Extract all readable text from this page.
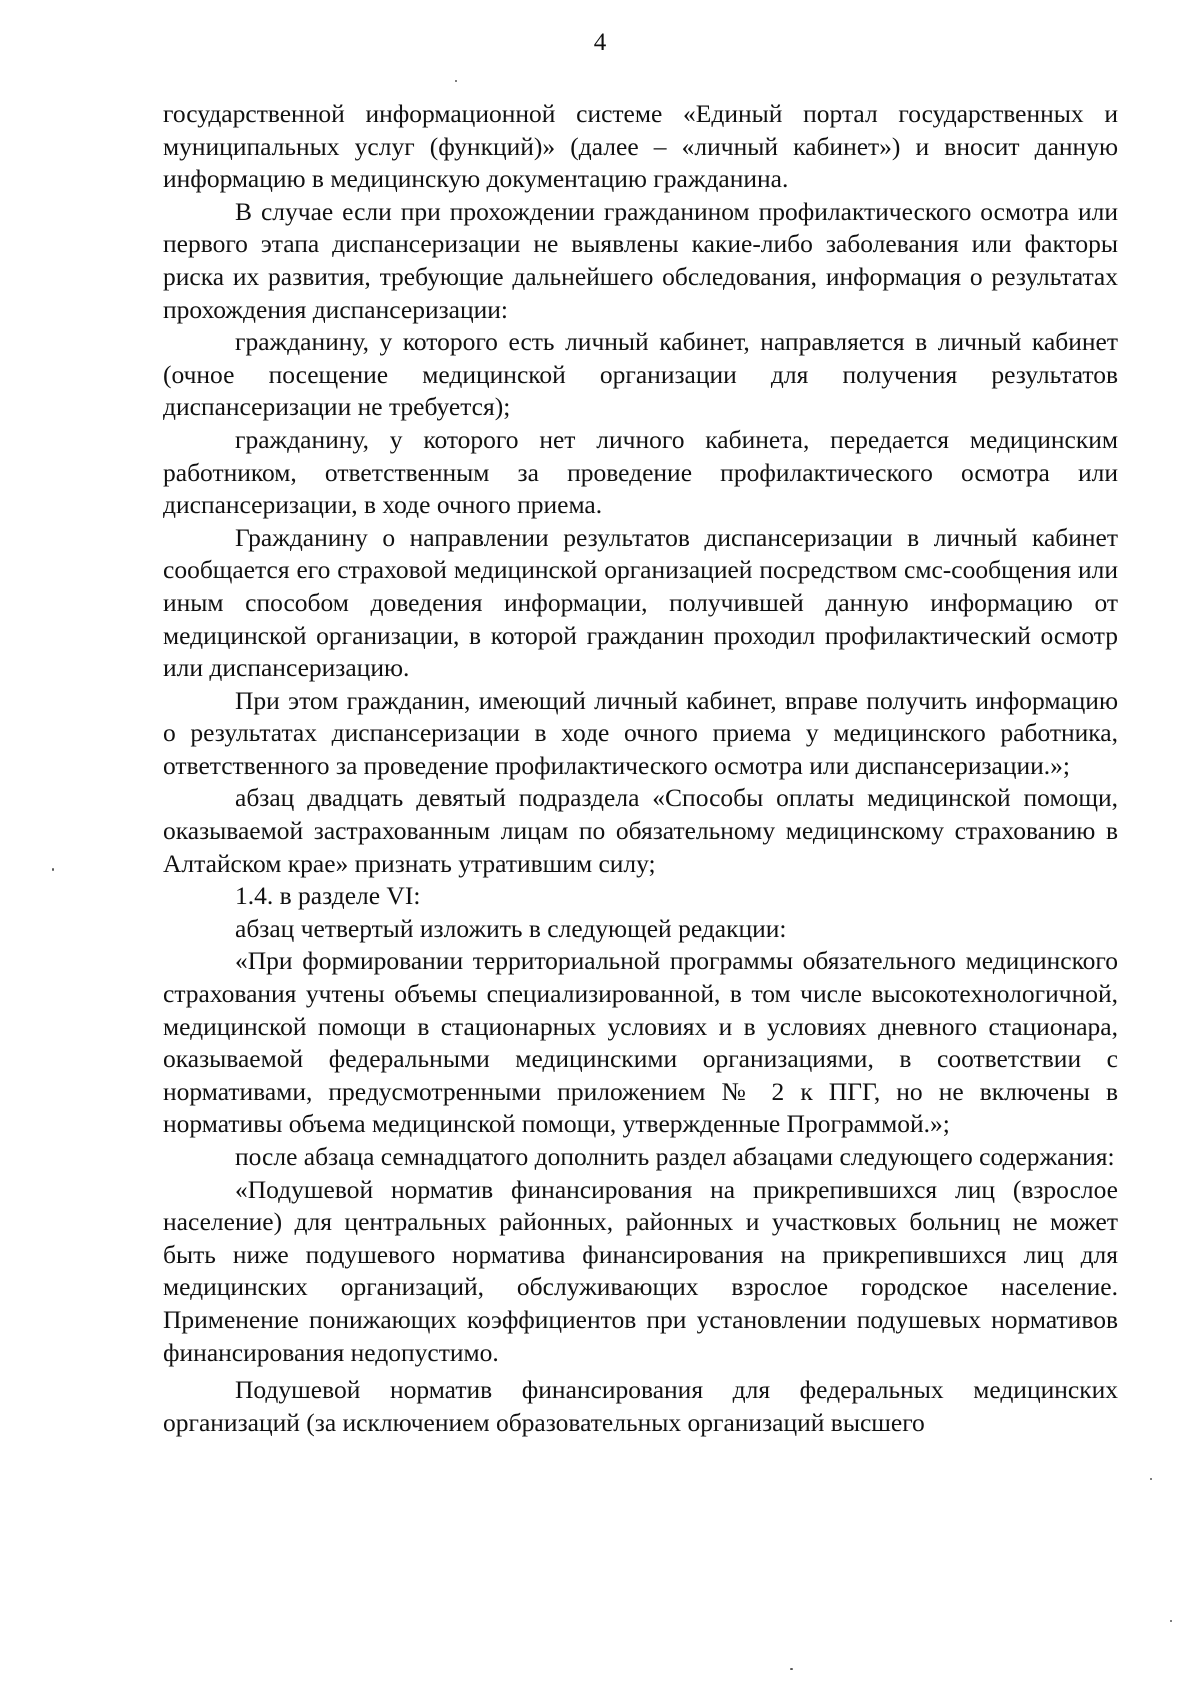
4

государственной информационной системе «Единый портал государственных и муниципальных услуг (функций)» (далее – «личный кабинет») и вносит данную информацию в медицинскую документацию гражданина.

В случае если при прохождении гражданином профилактического осмотра или первого этапа диспансеризации не выявлены какие-либо заболевания или факторы риска их развития, требующие дальнейшего обследования, информация о результатах прохождения диспансеризации:

гражданину, у которого есть личный кабинет, направляется в личный кабинет (очное посещение медицинской организации для получения результатов диспансеризации не требуется);

гражданину, у которого нет личного кабинета, передается медицинским работником, ответственным за проведение профилактического осмотра или диспансеризации, в ходе очного приема.

Гражданину о направлении результатов диспансеризации в личный кабинет сообщается его страховой медицинской организацией посредством смс-сообщения или иным способом доведения информации, получившей данную информацию от медицинской организации, в которой гражданин проходил профилактический осмотр или диспансеризацию.

При этом гражданин, имеющий личный кабинет, вправе получить информацию о результатах диспансеризации в ходе очного приема у медицинского работника, ответственного за проведение профилактического осмотра или диспансеризации.»;

абзац двадцать девятый подраздела «Способы оплаты медицинской помощи, оказываемой застрахованным лицам по обязательному медицинскому страхованию в Алтайском крае» признать утратившим силу;

1.4. в разделе VI:

абзац четвертый изложить в следующей редакции:

«При формировании территориальной программы обязательного медицинского страхования учтены объемы специализированной, в том числе высокотехнологичной, медицинской помощи в стационарных условиях и в условиях дневного стационара, оказываемой федеральными медицинскими организациями, в соответствии с нормативами, предусмотренными приложением № 2 к ПГГ, но не включены в нормативы объема медицинской помощи, утвержденные Программой.»;

после абзаца семнадцатого дополнить раздел абзацами следующего содержания:

«Подушевой норматив финансирования на прикрепившихся лиц (взрослое население) для центральных районных, районных и участковых больниц не может быть ниже подушевого норматива финансирования на прикрепившихся лиц для медицинских организаций, обслуживающих взрослое городское население. Применение понижающих коэффициентов при установлении подушевых нормативов финансирования недопустимо.

Подушевой норматив финансирования для федеральных медицинских организаций (за исключением образовательных организаций высшего
